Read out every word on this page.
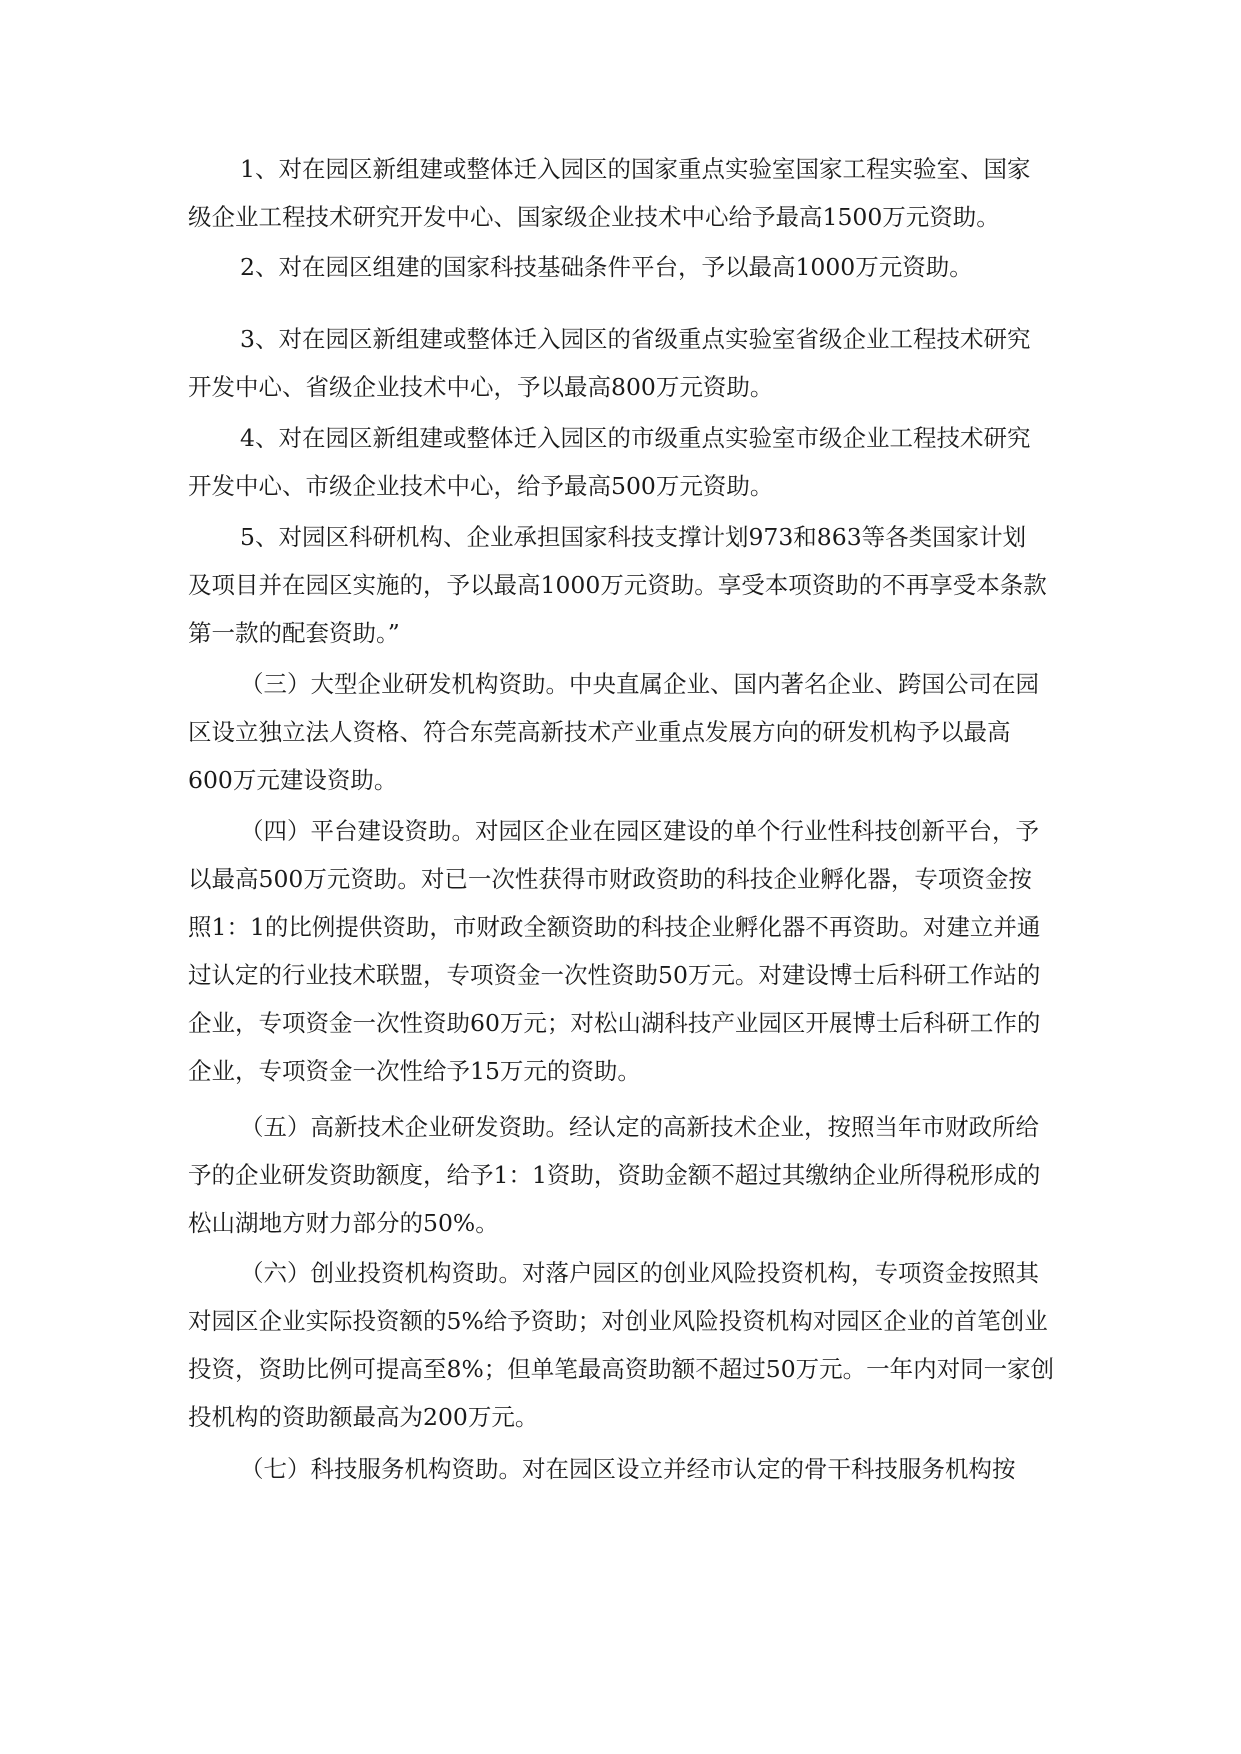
1、对在园区新组建或整体迁入园区的国家重点实验室国家工程实验室、国家
级企业工程技术研究开发中心、国家级企业技术中心给予最高1500万元资助。
2、对在园区组建的国家科技基础条件平台，予以最高1000万元资助。
3、对在园区新组建或整体迁入园区的省级重点实验室省级企业工程技术研究
开发中心、省级企业技术中心，予以最高800万元资助。
4、对在园区新组建或整体迁入园区的市级重点实验室市级企业工程技术研究
开发中心、市级企业技术中心，给予最高500万元资助。
5、对园区科研机构、企业承担国家科技支撑计划973和863等各类国家计划
及项目并在园区实施的，予以最高1000万元资助。享受本项资助的不再享受本条款
第一款的配套资助。”
（三）大型企业研发机构资助。中央直属企业、国内著名企业、跨国公司在园
区设立独立法人资格、符合东莞高新技术产业重点发展方向的研发机构予以最高
600万元建设资助。
（四）平台建设资助。对园区企业在园区建设的单个行业性科技创新平台，予
以最高500万元资助。对已一次性获得市财政资助的科技企业孵化器，专项资金按
照1：1的比例提供资助，市财政全额资助的科技企业孵化器不再资助。对建立并通
过认定的行业技术联盟，专项资金一次性资助50万元。对建设博士后科研工作站的
企业，专项资金一次性资助60万元；对松山湖科技产业园区开展博士后科研工作的
企业，专项资金一次性给予15万元的资助。
（五）高新技术企业研发资助。经认定的高新技术企业，按照当年市财政所给
予的企业研发资助额度，给予1：1资助，资助金额不超过其缴纳企业所得税形成的
松山湖地方财力部分的50%。
（六）创业投资机构资助。对落户园区的创业风险投资机构，专项资金按照其
对园区企业实际投资额的5%给予资助；对创业风险投资机构对园区企业的首笔创业
投资，资助比例可提高至8%；但单笔最高资助额不超过50万元。一年内对同一家创
投机构的资助额最高为200万元。
（七）科技服务机构资助。对在园区设立并经市认定的骨干科技服务机构按
